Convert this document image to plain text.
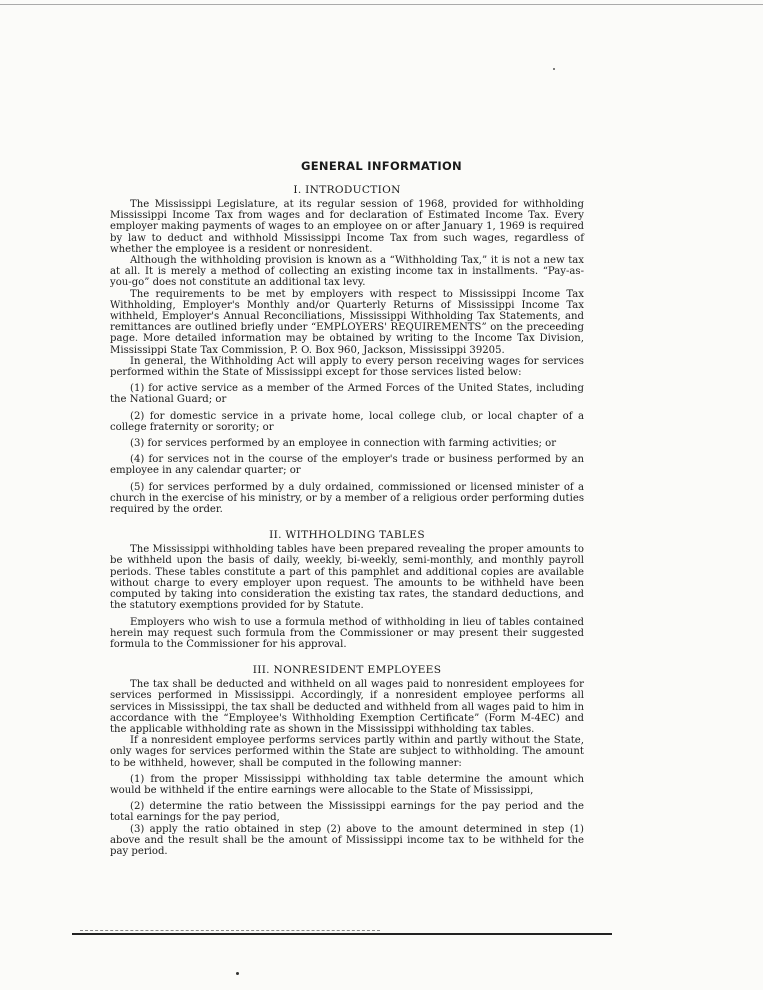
GENERAL INFORMATION
I. INTRODUCTION

The Mississippi Legislature, at its regular session of 1968, provided for withholding Mississippi Income Tax from wages and for declaration of Estimated Income Tax. Every employer making payments of wages to an employee on or after January 1, 1969 is required by law to deduct and withhold Mississippi Income Tax from such wages, regardless of whether the employee is a resident or nonresident.

Although the withholding provision is known as a “Withholding Tax,” it is not a new tax at all. It is merely a method of collecting an existing income tax in installments. “Pay-as-you-go” does not constitute an additional tax levy.

The requirements to be met by employers with respect to Mississippi Income Tax Withholding, Employer's Monthly and/or Quarterly Returns of Mississippi Income Tax withheld, Employer's Annual Reconciliations, Mississippi Withholding Tax Statements, and remittances are outlined briefly under “EMPLOYERS' REQUIREMENTS” on the preceeding page. More detailed information may be obtained by writing to the Income Tax Division, Mississippi State Tax Commission, P. O. Box 960, Jackson, Mississippi 39205.

In general, the Withholding Act will apply to every person receiving wages for services performed within the State of Mississippi except for those services listed below:

(1) for active service as a member of the Armed Forces of the United States, including the National Guard; or

(2) for domestic service in a private home, local college club, or local chapter of a college fraternity or sorority; or

(3) for services performed by an employee in connection with farming activities; or

(4) for services not in the course of the employer's trade or business performed by an employee in any calendar quarter; or

(5) for services performed by a duly ordained, commissioned or licensed minister of a church in the exercise of his ministry, or by a member of a religious order performing duties required by the order.

II. WITHHOLDING TABLES

The Mississippi withholding tables have been prepared revealing the proper amounts to be withheld upon the basis of daily, weekly, bi-weekly, semi-monthly, and monthly payroll periods. These tables constitute a part of this pamphlet and additional copies are available without charge to every employer upon request. The amounts to be withheld have been computed by taking into consideration the existing tax rates, the standard deductions, and the statutory exemptions provided for by Statute.

Employers who wish to use a formula method of withholding in lieu of tables contained herein may request such formula from the Commissioner or may present their suggested formula to the Commissioner for his approval.

III. NONRESIDENT EMPLOYEES

The tax shall be deducted and withheld on all wages paid to nonresident employees for services performed in Mississippi. Accordingly, if a nonresident employee performs all services in Mississippi, the tax shall be deducted and withheld from all wages paid to him in accordance with the “Employee's Withholding Exemption Certificate” (Form M-4EC) and the applicable withholding rate as shown in the Mississippi withholding tax tables.

If a nonresident employee performs services partly within and partly without the State, only wages for services performed within the State are subject to withholding. The amount to be withheld, however, shall be computed in the following manner:

(1) from the proper Mississippi withholding tax table determine the amount which would be withheld if the entire earnings were allocable to the State of Mississippi,

(2) determine the ratio between the Mississippi earnings for the pay period and the total earnings for the pay period,

(3) apply the ratio obtained in step (2) above to the amount determined in step (1) above and the result shall be the amount of Mississippi income tax to be withheld for the pay period.
